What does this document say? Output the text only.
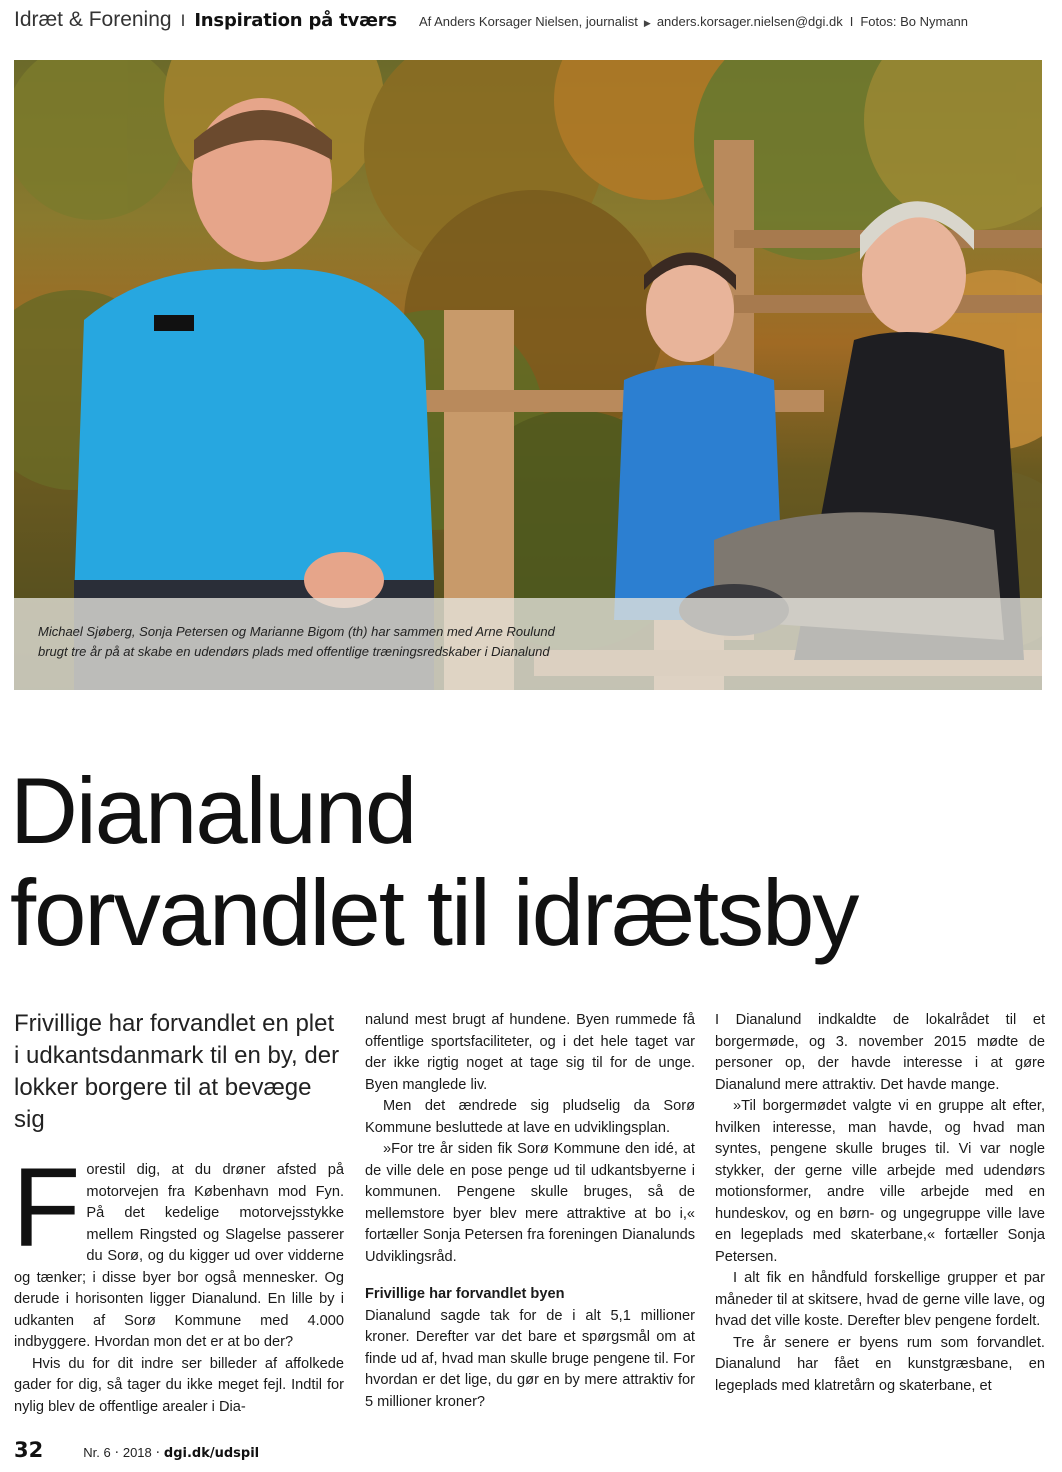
Idræt & Forening I Inspiration på tværs Af Anders Korsager Nielsen, journalist ▶ anders.korsager.nielsen@dgi.dk I Fotos: Bo Nymann
Michael Sjøberg, Sonja Petersen og Marianne Bigom (th) har sammen med Arne Roulund
brugt tre år på at skabe en udendørs plads med offentlige træningsredskaber i Dianalund
Dianalund
forvandlet til idrætsby

Frivillige har forvandlet en plet i udkantsdanmark til en by, der lokker borgere til at bevæge sig

F orestil dig, at du drøner afsted på motorvejen fra København mod Fyn. På det kedelige motorvejsstykke mellem Ringsted og Slagelse passerer du Sorø, og du kigger ud over vidderne og tænker; i disse byer bor også mennesker. Og derude i horisonten ligger Dianalund. En lille by i udkanten af Sorø Kommune med 4.000 indbyggere. Hvordan mon det er at bo der?

Hvis du for dit indre ser billeder af affolkede gader for dig, så tager du ikke meget fejl. Indtil for nylig blev de offentlige arealer i Dia-

nalund mest brugt af hundene. Byen rummede få offentlige sportsfaciliteter, og i det hele taget var der ikke rigtig noget at tage sig til for de unge. Byen manglede liv.

Men det ændrede sig pludselig da Sorø Kommune besluttede at lave en udviklingsplan.

»For tre år siden fik Sorø Kommune den idé, at de ville dele en pose penge ud til udkantsbyerne i kommunen. Pengene skulle bruges, så de mellemstore byer blev mere attraktive at bo i,« fortæller Sonja Petersen fra foreningen Dianalunds Udviklingsråd.

Frivillige har forvandlet byen

Dianalund sagde tak for de i alt 5,1 millioner kroner. Derefter var det bare et spørgsmål om at finde ud af, hvad man skulle bruge pengene til. For hvordan er det lige, du gør en by mere attraktiv for 5 millioner kroner?

I Dianalund indkaldte de lokalrådet til et borgermøde, og 3. november 2015 mødte de personer op, der havde interesse i at gøre Dianalund mere attraktiv. Det havde mange.

»Til borgermødet valgte vi en gruppe alt efter, hvilken interesse, man havde, og hvad man syntes, pengene skulle bruges til. Vi var nogle stykker, der gerne ville arbejde med udendørs motionsformer, andre ville arbejde med en hundeskov, og en børn- og ungegruppe ville lave en legeplads med skaterbane,« fortæller Sonja Petersen.

I alt fik en håndfuld forskellige grupper et par måneder til at skitsere, hvad de gerne ville lave, og hvad det ville koste. Derefter blev pengene fordelt.

Tre år senere er byens rum som forvandlet. Dianalund har fået en kunstgræsbane, en legeplads med klatretårn og skaterbane, et

32	Nr. 6 · 2018 · dgi.dk/udspil
